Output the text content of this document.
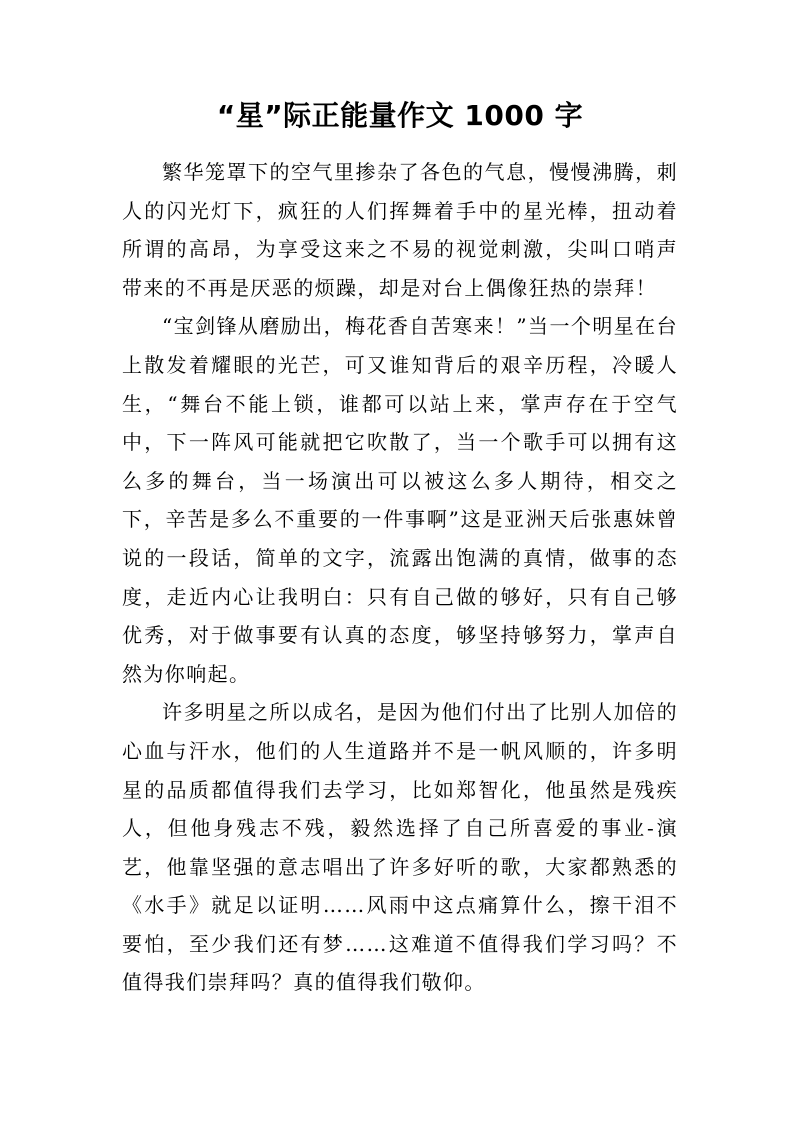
“星”际正能量作文 1000 字

繁华笼罩下的空气里掺杂了各色的气息，慢慢沸腾，刺人的闪光灯下，疯狂的人们挥舞着手中的星光棒，扭动着所谓的高昂，为享受这来之不易的视觉刺激，尖叫口哨声带来的不再是厌恶的烦躁，却是对台上偶像狂热的崇拜！

“宝剑锋从磨励出，梅花香自苦寒来！”当一个明星在台上散发着耀眼的光芒，可又谁知背后的艰辛历程，冷暖人生，“舞台不能上锁，谁都可以站上来，掌声存在于空气中，下一阵风可能就把它吹散了，当一个歌手可以拥有这么多的舞台，当一场演出可以被这么多人期待，相交之下，辛苦是多么不重要的一件事啊”这是亚洲天后张惠妹曾说的一段话，简单的文字，流露出饱满的真情，做事的态度，走近内心让我明白：只有自己做的够好，只有自己够优秀，对于做事要有认真的态度，够坚持够努力，掌声自然为你响起。

许多明星之所以成名，是因为他们付出了比别人加倍的心血与汗水，他们的人生道路并不是一帆风顺的，许多明星的品质都值得我们去学习，比如郑智化，他虽然是残疾人，但他身残志不残，毅然选择了自己所喜爱的事业-演艺，他靠坚强的意志唱出了许多好听的歌，大家都熟悉的《水手》就足以证明……风雨中这点痛算什么，擦干泪不要怕，至少我们还有梦……这难道不值得我们学习吗？不值得我们崇拜吗？真的值得我们敬仰。
